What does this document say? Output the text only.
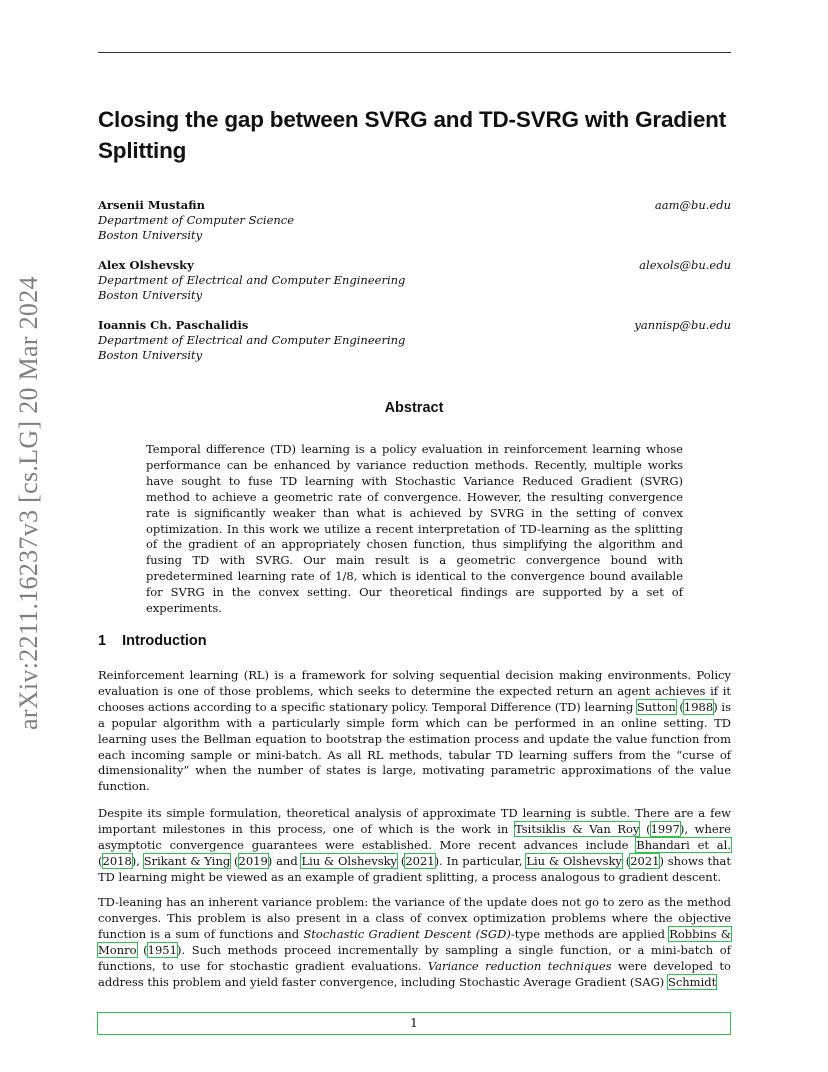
arXiv:2211.16237v3 [cs.LG] 20 Mar 2024
Closing the gap between SVRG and TD-SVRG with Gradient Splitting
Arsenii Mustafin
Department of Computer Science
Boston University
aam@bu.edu
Alex Olshevsky
Department of Electrical and Computer Engineering
Boston University
alexols@bu.edu
Ioannis Ch. Paschalidis
Department of Electrical and Computer Engineering
Boston University
yannisp@bu.edu
Abstract
Temporal difference (TD) learning is a policy evaluation in reinforcement learning whose performance can be enhanced by variance reduction methods. Recently, multiple works have sought to fuse TD learning with Stochastic Variance Reduced Gradient (SVRG) method to achieve a geometric rate of convergence. However, the resulting convergence rate is significantly weaker than what is achieved by SVRG in the setting of convex optimization. In this work we utilize a recent interpretation of TD-learning as the splitting of the gradient of an appropriately chosen function, thus simplifying the algorithm and fusing TD with SVRG. Our main result is a geometric convergence bound with predetermined learning rate of 1/8, which is identical to the convergence bound available for SVRG in the convex setting. Our theoretical findings are supported by a set of experiments.
1 Introduction

Reinforcement learning (RL) is a framework for solving sequential decision making environments. Policy evaluation is one of those problems, which seeks to determine the expected return an agent achieves if it chooses actions according to a specific stationary policy. Temporal Difference (TD) learning Sutton (1988) is a popular algorithm with a particularly simple form which can be performed in an online setting. TD learning uses the Bellman equation to bootstrap the estimation process and update the value function from each incoming sample or mini-batch. As all RL methods, tabular TD learning suffers from the “curse of dimensionality” when the number of states is large, motivating parametric approximations of the value function.

Despite its simple formulation, theoretical analysis of approximate TD learning is subtle. There are a few important milestones in this process, one of which is the work in Tsitsiklis & Van Roy (1997), where asymptotic convergence guarantees were established. More recent advances include Bhandari et al. (2018), Srikant & Ying (2019) and Liu & Olshevsky (2021). In particular, Liu & Olshevsky (2021) shows that TD learning might be viewed as an example of gradient splitting, a process analogous to gradient descent.

TD-leaning has an inherent variance problem: the variance of the update does not go to zero as the method converges. This problem is also present in a class of convex optimization problems where the objective function is a sum of functions and Stochastic Gradient Descent (SGD)-type methods are applied Robbins & Monro (1951). Such methods proceed incrementally by sampling a single function, or a mini-batch of functions, to use for stochastic gradient evaluations. Variance reduction techniques were developed to address this problem and yield faster convergence, including Stochastic Average Gradient (SAG) Schmidt

1
